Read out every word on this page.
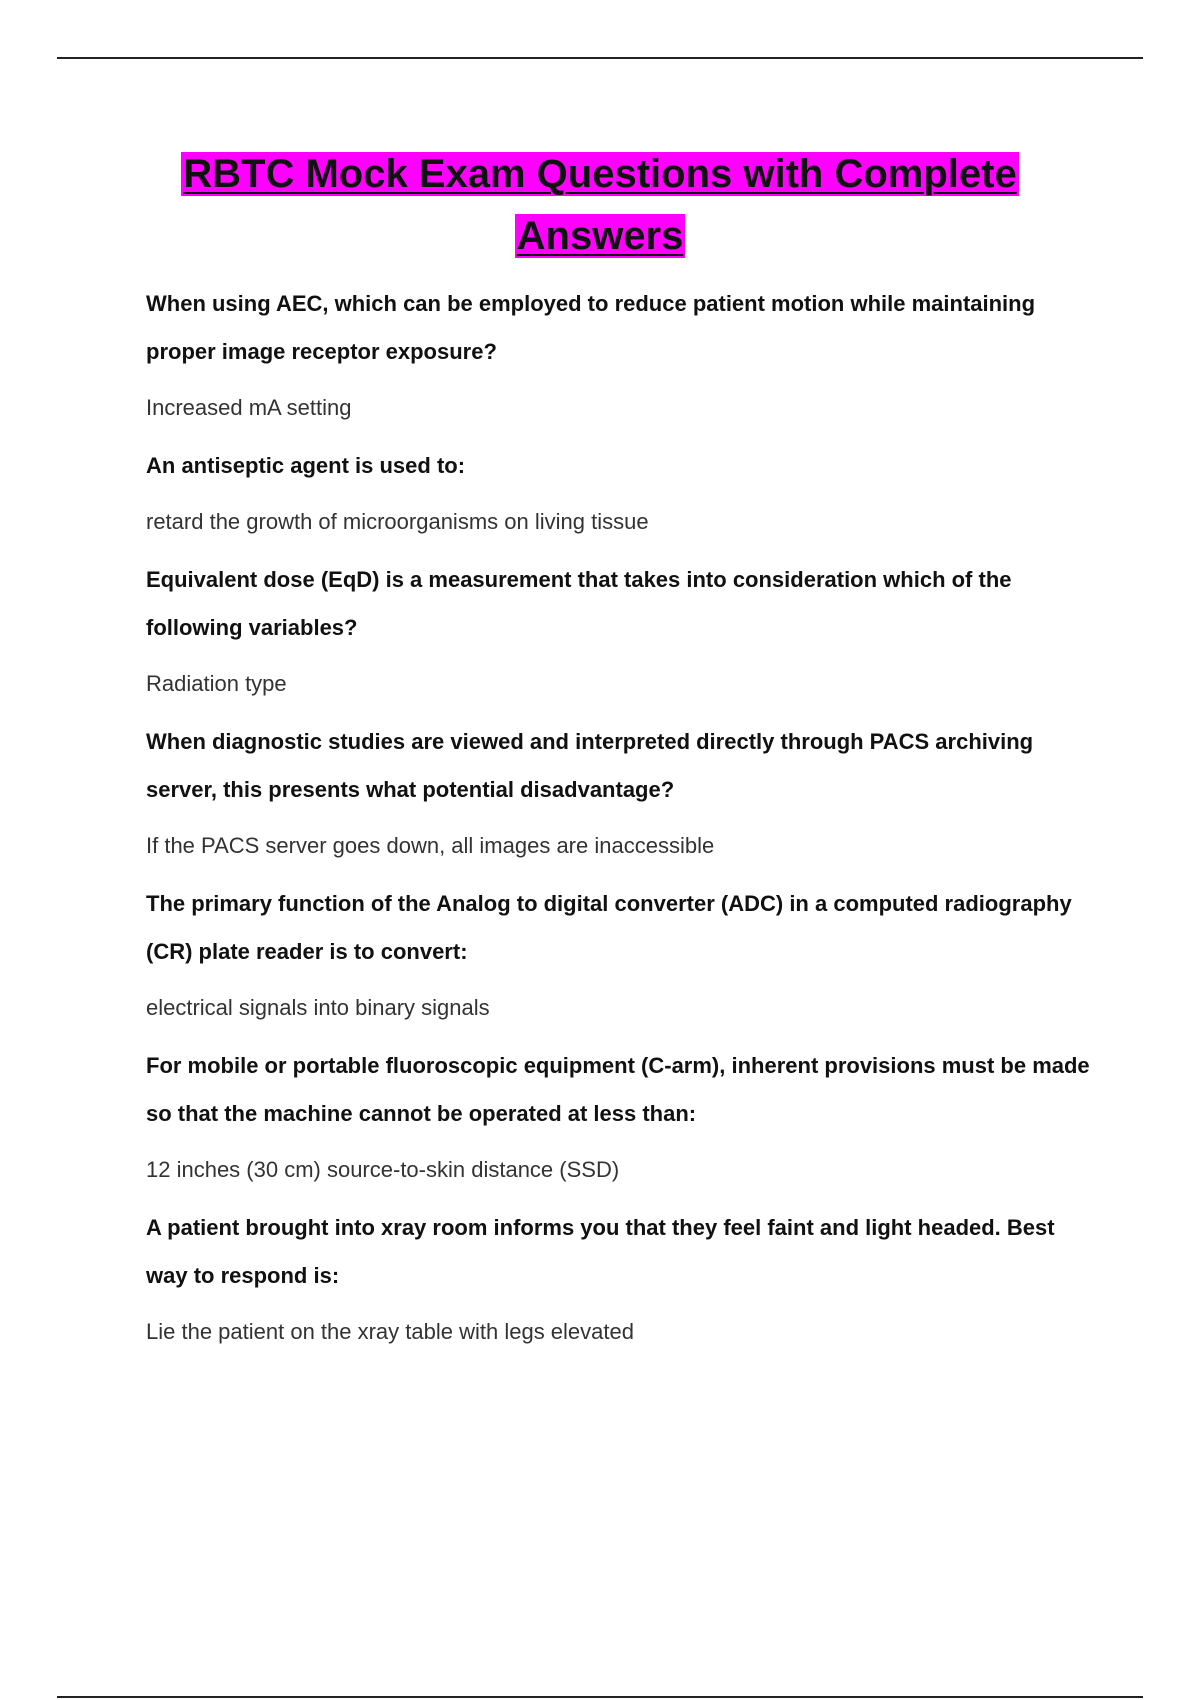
RBTC Mock Exam Questions with Complete Answers

When using AEC, which can be employed to reduce patient motion while maintaining proper image receptor exposure?

Increased mA setting

An antiseptic agent is used to:

retard the growth of microorganisms on living tissue

Equivalent dose (EqD) is a measurement that takes into consideration which of the following variables?

Radiation type

When diagnostic studies are viewed and interpreted directly through PACS archiving server, this presents what potential disadvantage?

If the PACS server goes down, all images are inaccessible

The primary function of the Analog to digital converter (ADC) in a computed radiography (CR) plate reader is to convert:

electrical signals into binary signals

For mobile or portable fluoroscopic equipment (C-arm), inherent provisions must be made so that the machine cannot be operated at less than:

12 inches (30 cm) source-to-skin distance (SSD)

A patient brought into xray room informs you that they feel faint and light headed. Best way to respond is:

Lie the patient on the xray table with legs elevated
